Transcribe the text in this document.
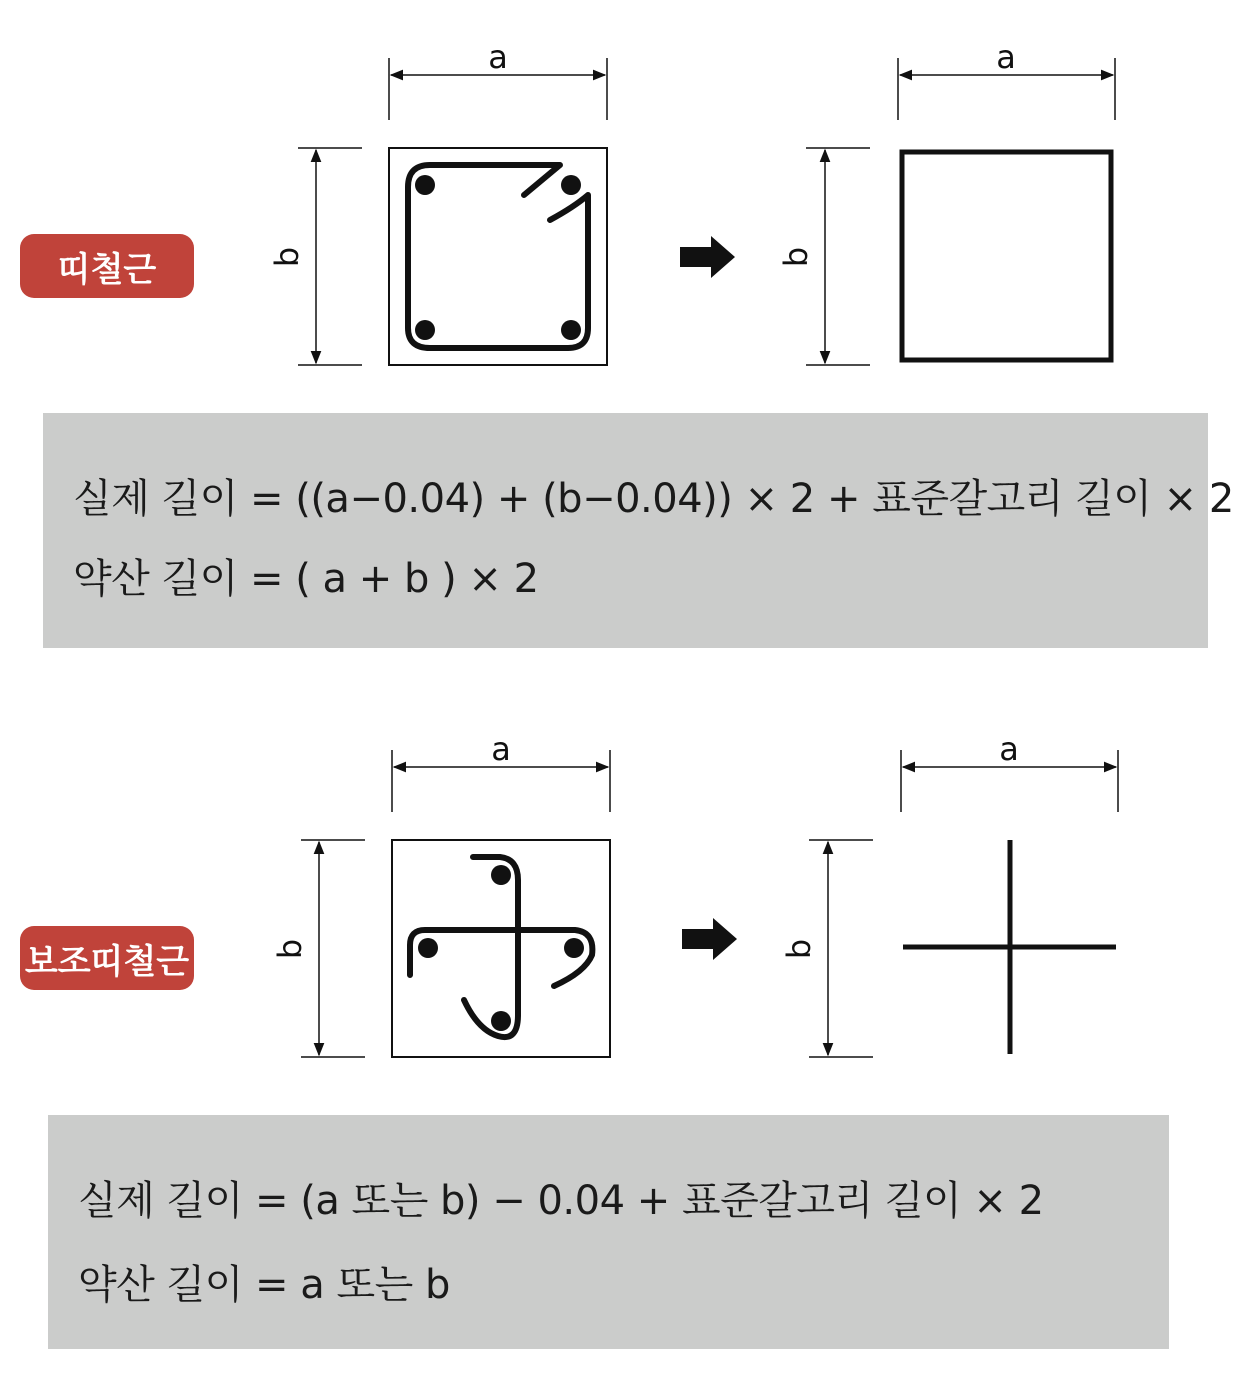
a
b
a
b
a
b
a
b
띠철근
보조띠철근
실제 길이 = ((a−0.04) + (b−0.04)) × 2 + 표준갈고리 길이 × 2
약산 길이 = ( a + b ) × 2
실제 길이 = (a 또는 b) − 0.04 + 표준갈고리 길이 × 2
약산 길이 = a 또는 b
